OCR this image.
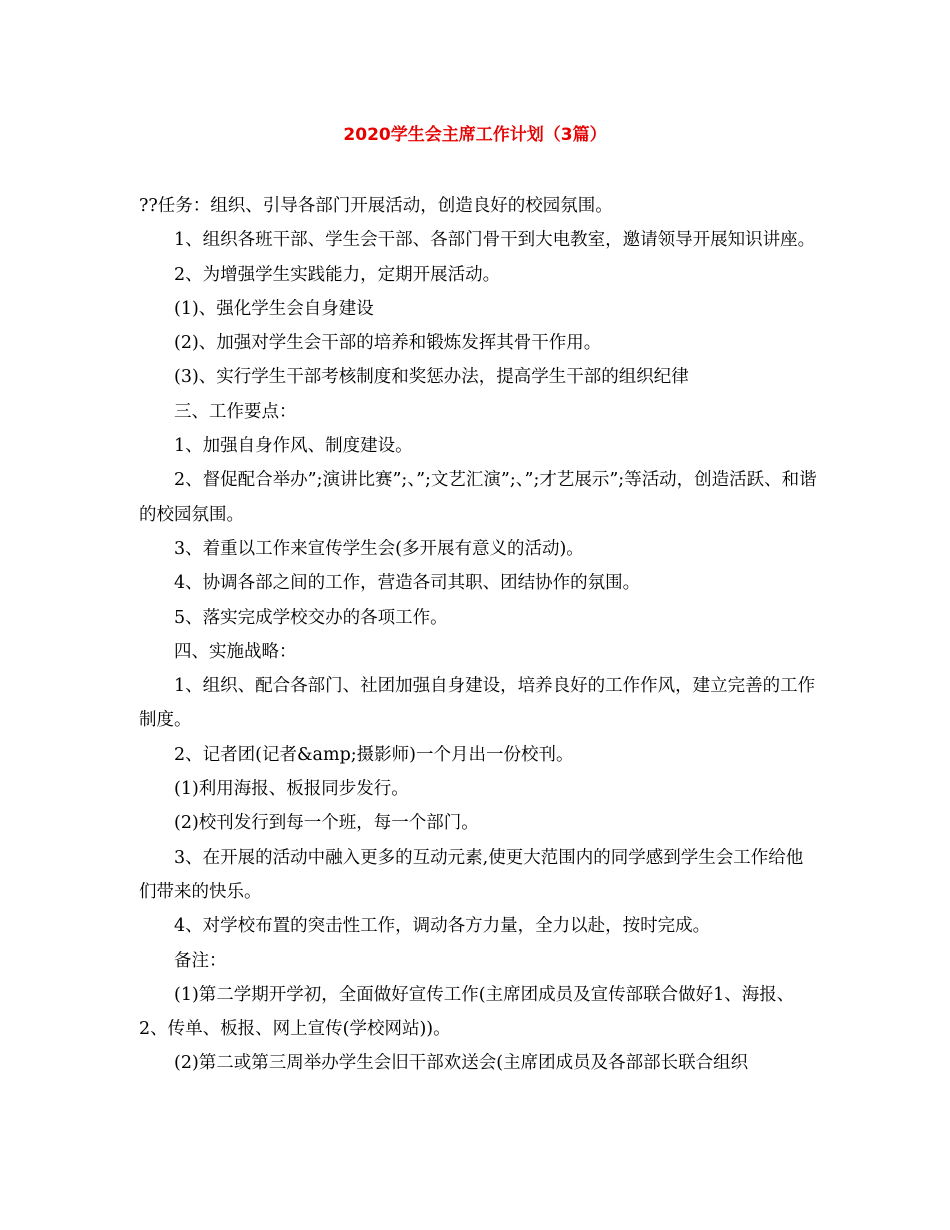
2020学生会主席工作计划（3篇）

??任务：组织、引导各部门开展活动，创造良好的校园氛围。

1、组织各班干部、学生会干部、各部门骨干到大电教室，邀请领导开展知识讲座。

2、为增强学生实践能力，定期开展活动。

(1)、强化学生会自身建设

(2)、加强对学生会干部的培养和锻炼发挥其骨干作用。

(3)、实行学生干部考核制度和奖惩办法，提高学生干部的组织纪律

三、工作要点：

1、加强自身作风、制度建设。

2、督促配合举办”;演讲比赛”;、”;文艺汇演”;、”;才艺展示”;等活动，创造活跃、和谐的校园氛围。

3、着重以工作来宣传学生会(多开展有意义的活动)。

4、协调各部之间的工作，营造各司其职、团结协作的氛围。

5、落实完成学校交办的各项工作。

四、实施战略：

1、组织、配合各部门、社团加强自身建设，培养良好的工作作风，建立完善的工作制度。

2、记者团(记者&amp;摄影师)一个月出一份校刊。

(1)利用海报、板报同步发行。

(2)校刊发行到每一个班，每一个部门。

3、在开展的活动中融入更多的互动元素,使更大范围内的同学感到学生会工作给他们带来的快乐。

4、对学校布置的突击性工作，调动各方力量，全力以赴，按时完成。

备注：

(1)第二学期开学初，全面做好宣传工作(主席团成员及宣传部联合做好1、海报、2、传单、板报、网上宣传(学校网站))。

(2)第二或第三周举办学生会旧干部欢送会(主席团成员及各部部长联合组织
